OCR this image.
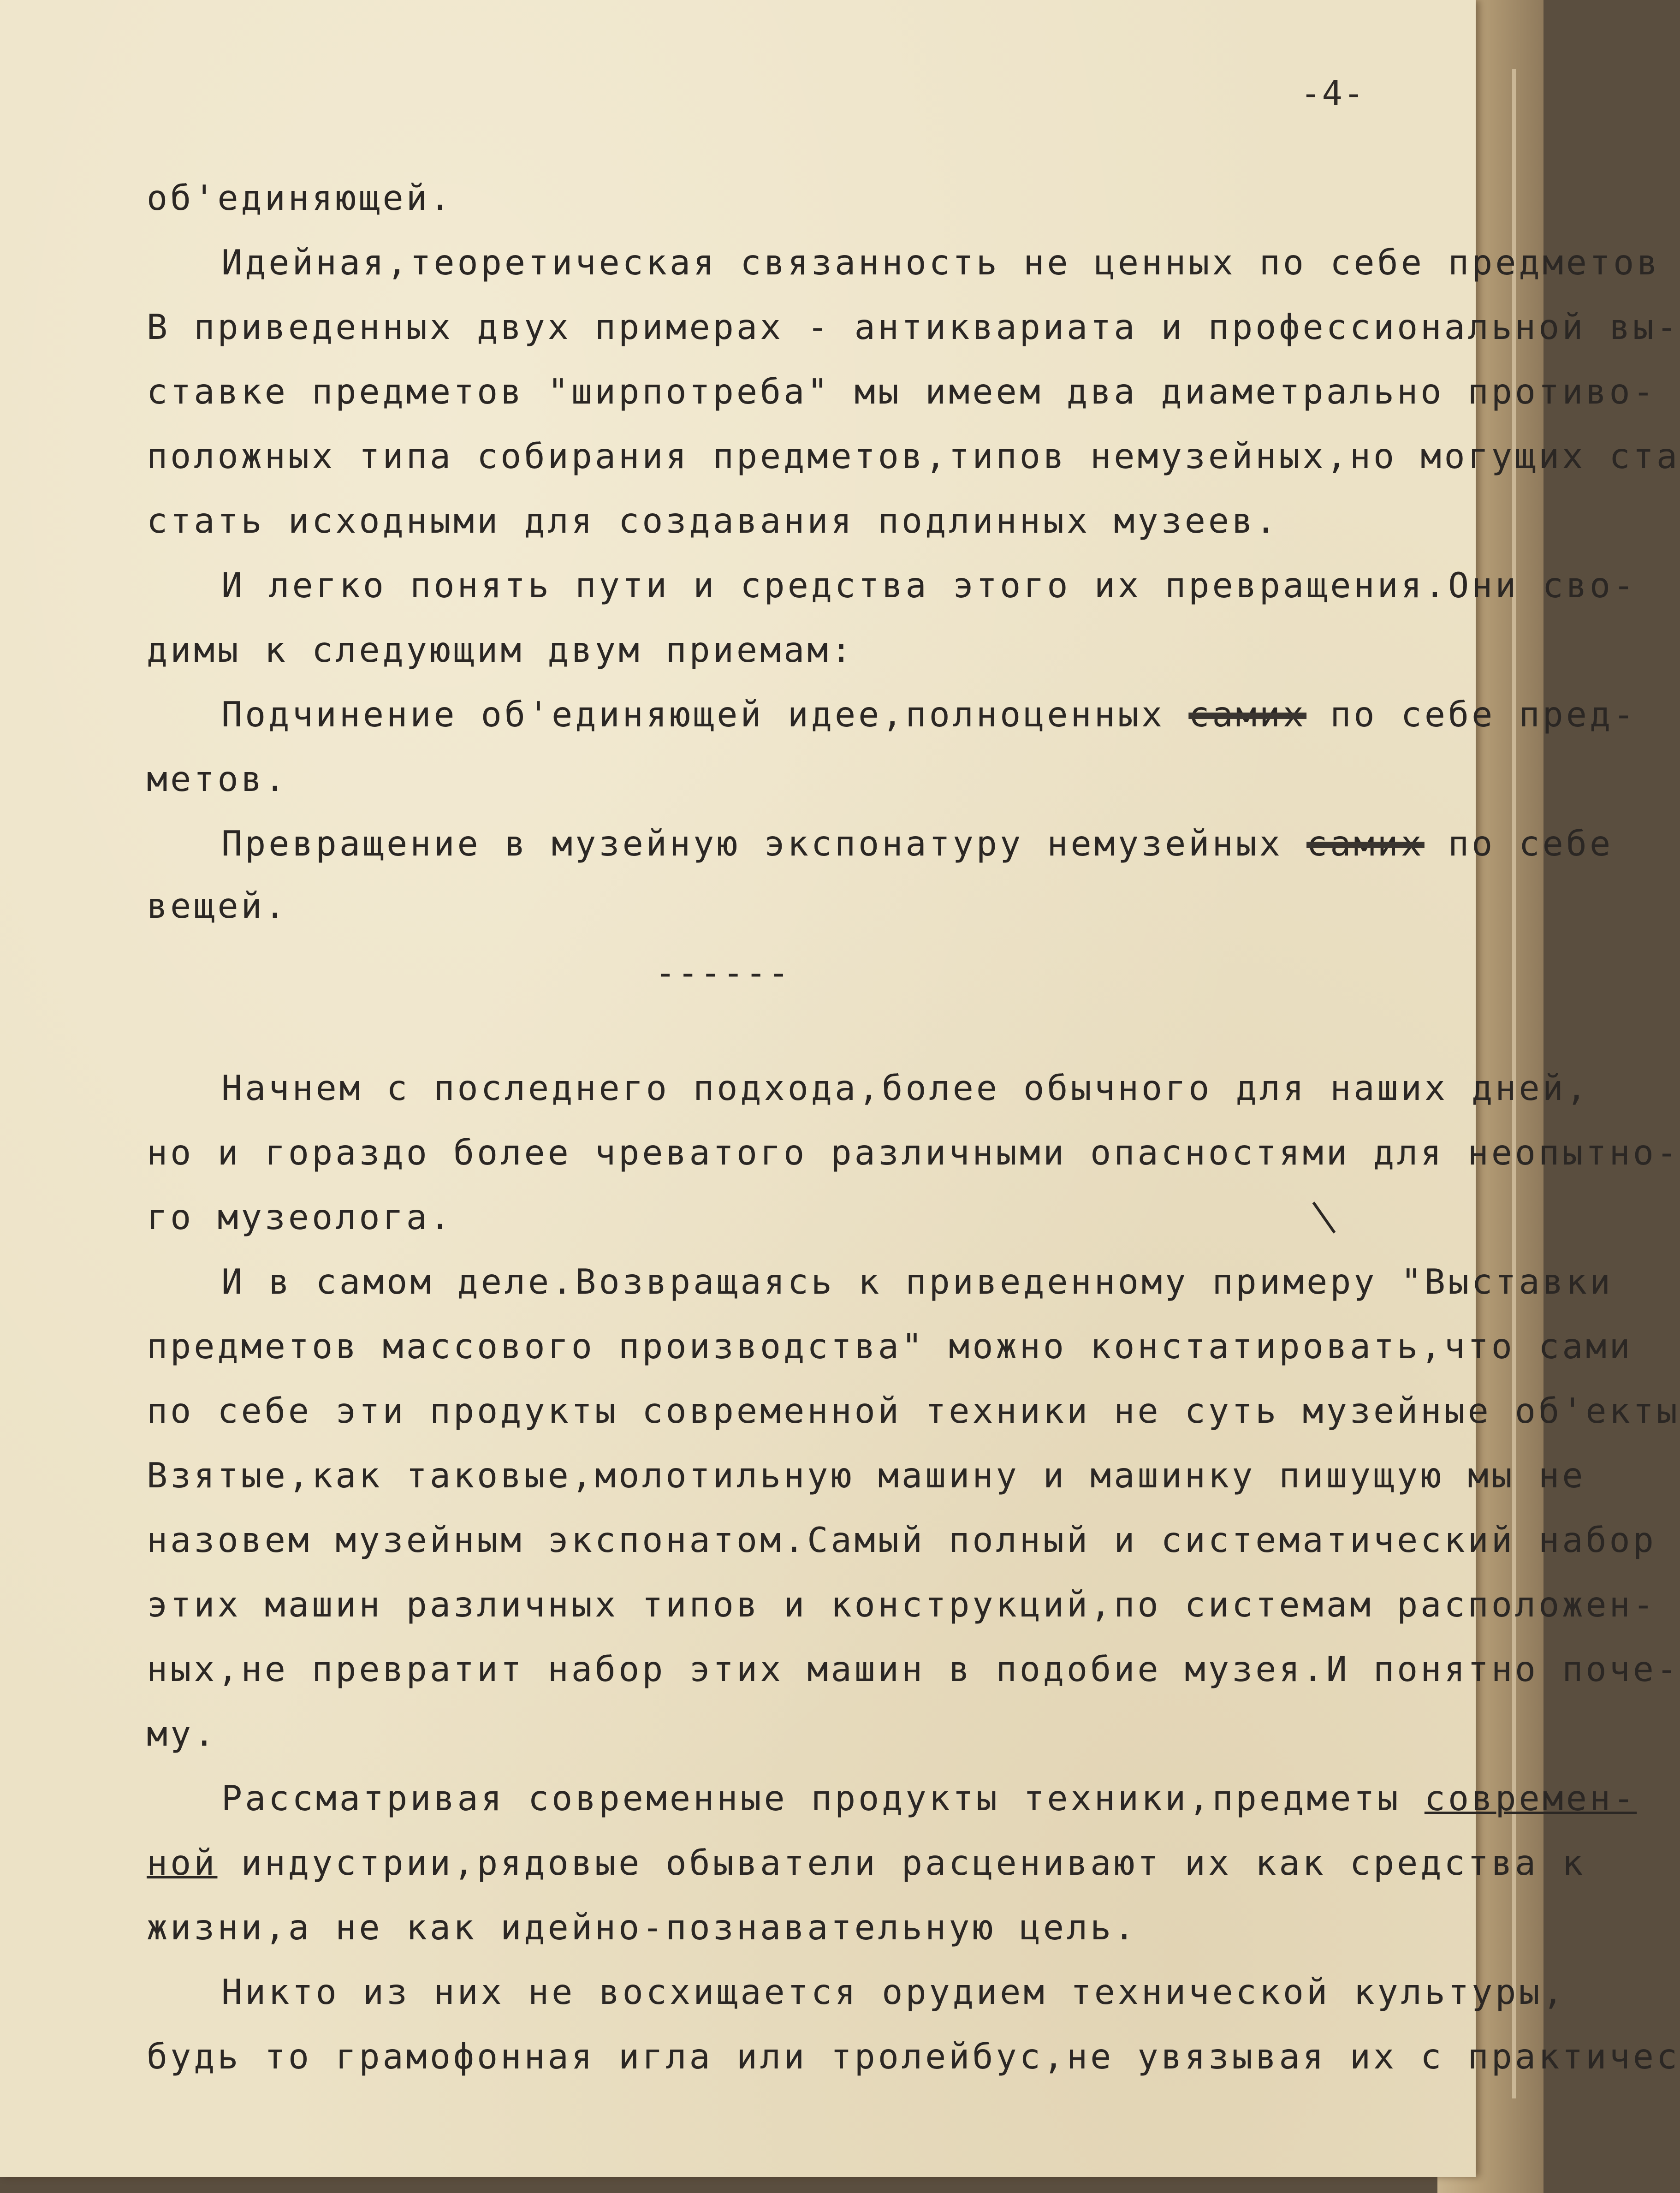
-4-
об'единяющей.
Идейная,теоретическая связанность не ценных по себе предметов
В приведенных двух примерах - антиквариата и профессиональной вы-
ставке предметов "ширпотреба" мы имеем два диаметрально противо-
положных типа собирания предметов,типов немузейных,но могущих ста
стать исходными для создавания подлинных музеев.
И легко понять пути и средства этого их превращения.Они сво-
димы к следующим двум приемам:
Подчинение об'единяющей идее,полноценных самих по себе пред-
метов.
Превращение в музейную экспонатуру немузейных самих по себе
вещей.
------
Начнем с последнего подхода,более обычного для наших дней,
но и гораздо более чреватого различными опасностями для неопытно-
го музеолога.
И в самом деле.Возвращаясь к приведенному примеру "Выставки
предметов массового производства" можно констатировать,что сами
по себе эти продукты современной техники не суть музейные об'екты
Взятые,как таковые,молотильную машину и машинку пишущую мы не
назовем музейным экспонатом.Самый полный и систематический набор
этих машин различных типов и конструкций,по системам расположен-
ных,не превратит набор этих машин в подобие музея.И понятно поче-
му.
Рассматривая современные продукты техники,предметы современ-
ной индустрии,рядовые обыватели расценивают их как средства к
жизни,а не как идейно-познавательную цель.
Никто из них не восхищается орудием технической культуры,
будь то грамофонная игла или тролейбус,не увязывая их с практичес
